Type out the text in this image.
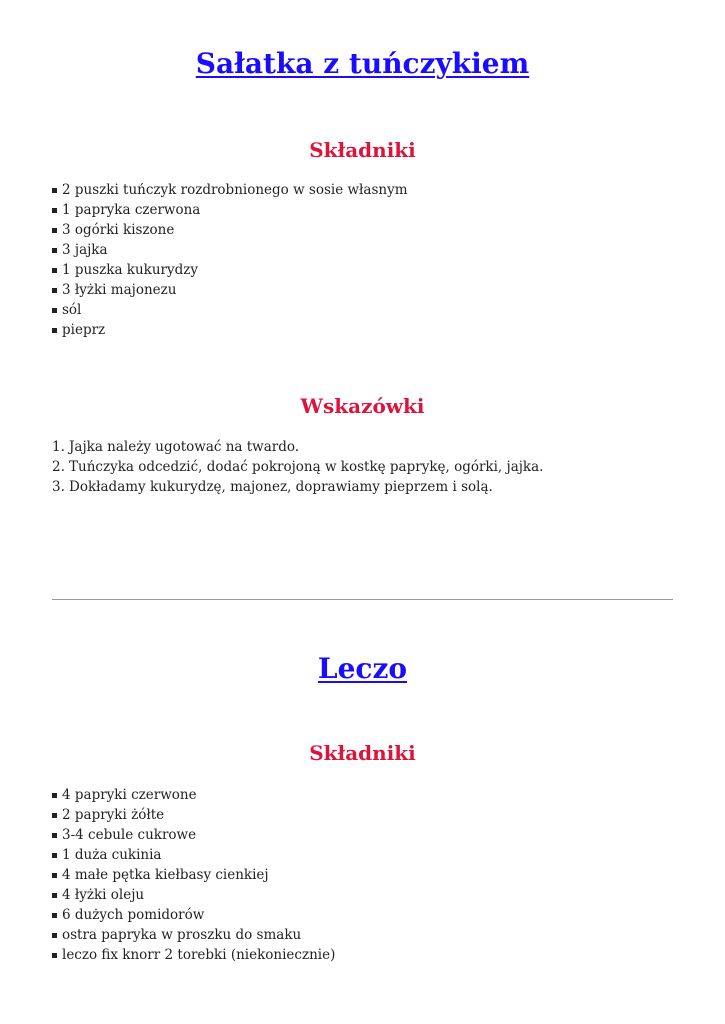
Sałatka z tuńczykiem
Składniki
2 puszki tuńczyk rozdrobnionego w sosie własnym
1 papryka czerwona
3 ogórki kiszone
3 jajka
1 puszka kukurydzy
3 łyżki majonezu
sól
pieprz
Wskazówki
1. Jajka należy ugotować na twardo.
2. Tuńczyka odcedzić, dodać pokrojoną w kostkę paprykę, ogórki, jajka.
3. Dokładamy kukurydzę, majonez, doprawiamy pieprzem i solą.
Leczo
Składniki
4 papryki czerwone
2 papryki żółte
3-4 cebule cukrowe
1 duża cukinia
4 małe pętka kiełbasy cienkiej
4 łyżki oleju
6 dużych pomidorów
ostra papryka w proszku do smaku
leczo fix knorr 2 torebki (niekoniecznie)
